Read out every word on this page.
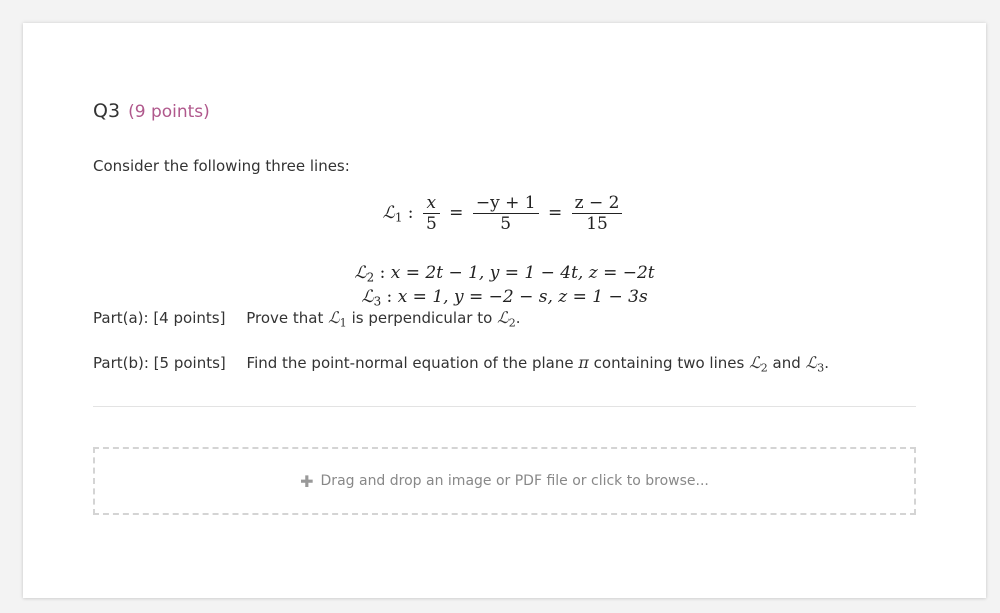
Q3 (9 points)
Consider the following three lines:
ℒ$_1$ : $\frac{x}{5} = \frac{-y + 1}{5} = \frac{z - 2}{15}$
ℒ$_2$ : x = 2t − 1, y = 1 − 4t, z = −2t
ℒ$_3$ : x = 1, y = −2 − s, z = 1 − 3s
Part(a): [4 points] Prove that ℒ$_1$ is perpendicular to ℒ$_2$.
Part(b): [5 points] Find the point-normal equation of the plane π containing two lines ℒ$_2$ and ℒ$_3$.
✚ Drag and drop an image or PDF file or click to browse...
